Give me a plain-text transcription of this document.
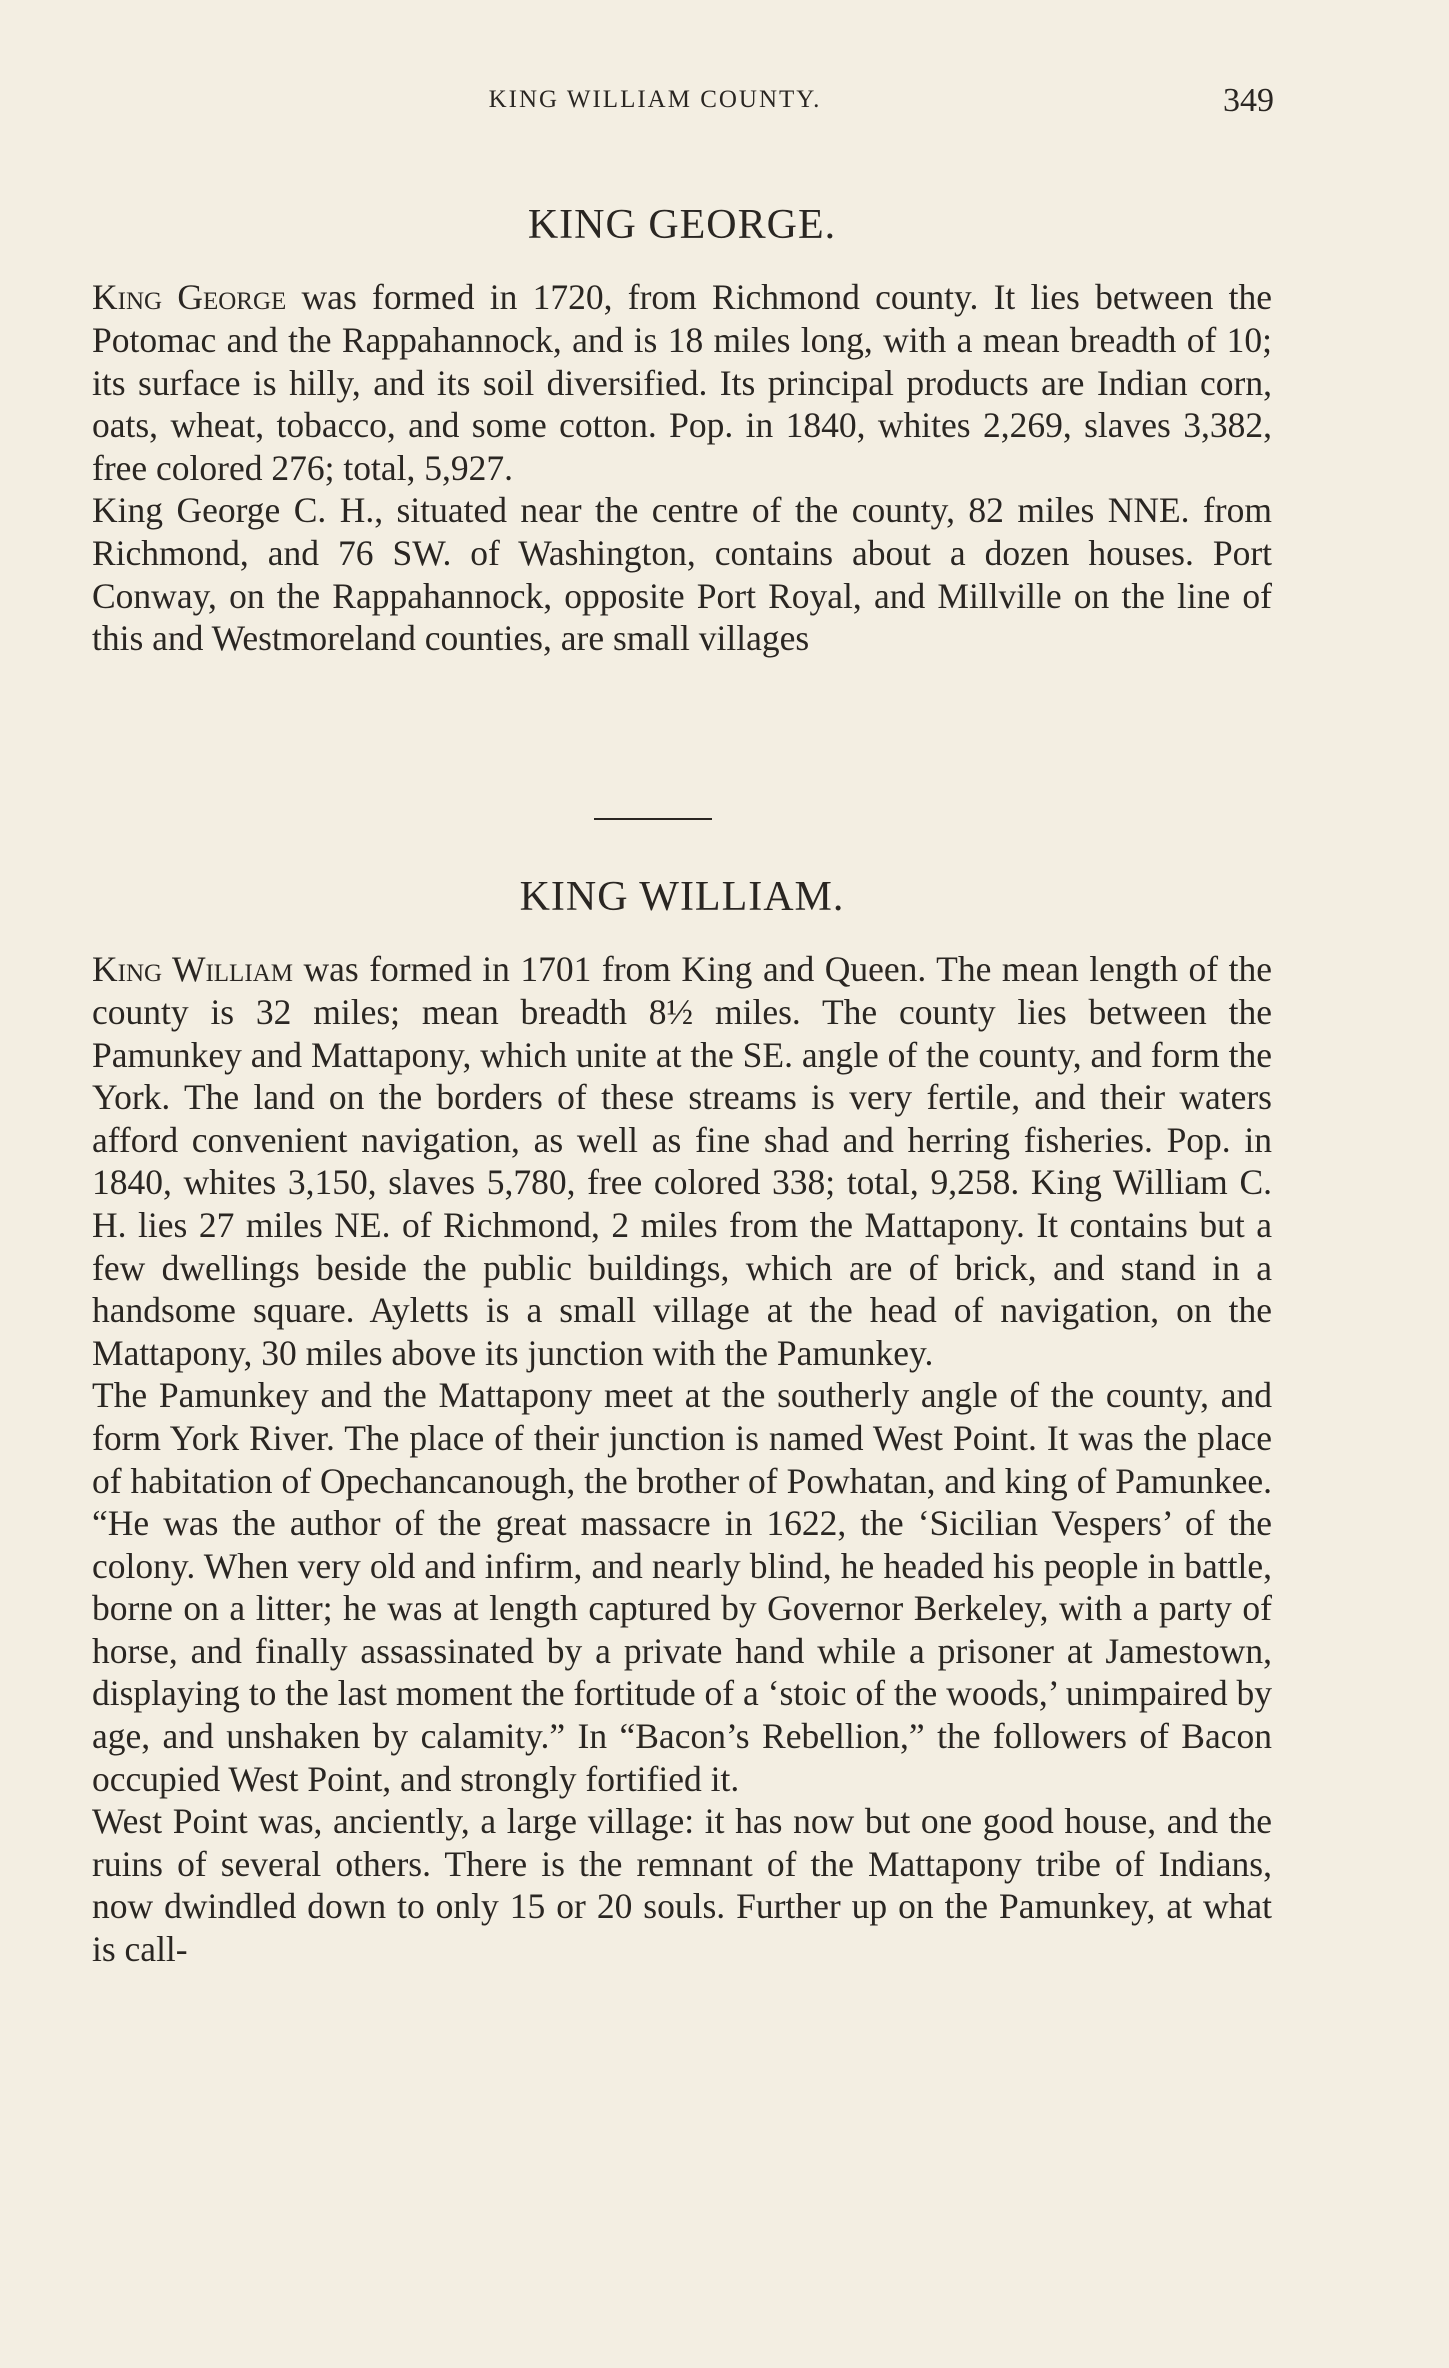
KING WILLIAM COUNTY.	349
KING GEORGE.

King George was formed in 1720, from Richmond county. It lies between the Potomac and the Rappahannock, and is 18 miles long, with a mean breadth of 10; its surface is hilly, and its soil diversified. Its principal products are Indian corn, oats, wheat, tobacco, and some cotton. Pop. in 1840, whites 2,269, slaves 3,382, free colored 276; total, 5,927.

King George C. H., situated near the centre of the county, 82 miles NNE. from Richmond, and 76 SW. of Washington, contains about a dozen houses. Port Conway, on the Rappahannock, opposite Port Royal, and Millville on the line of this and Westmoreland counties, are small villages

KING WILLIAM.

King William was formed in 1701 from King and Queen. The mean length of the county is 32 miles; mean breadth 8½ miles. The county lies between the Pamunkey and Mattapony, which unite at the SE. angle of the county, and form the York. The land on the borders of these streams is very fertile, and their waters afford convenient navigation, as well as fine shad and herring fisheries. Pop. in 1840, whites 3,150, slaves 5,780, free colored 338; total, 9,258. King William C. H. lies 27 miles NE. of Richmond, 2 miles from the Mattapony. It contains but a few dwellings beside the public buildings, which are of brick, and stand in a handsome square. Ayletts is a small village at the head of navigation, on the Mattapony, 30 miles above its junction with the Pamunkey.

The Pamunkey and the Mattapony meet at the southerly angle of the county, and form York River. The place of their junction is named West Point. It was the place of habitation of Opechancanough, the brother of Powhatan, and king of Pamunkee. “He was the author of the great massacre in 1622, the ‘Sicilian Vespers’ of the colony. When very old and infirm, and nearly blind, he headed his people in battle, borne on a litter; he was at length captured by Governor Berkeley, with a party of horse, and finally assassinated by a private hand while a prisoner at Jamestown, displaying to the last moment the fortitude of a ‘stoic of the woods,’ unimpaired by age, and unshaken by calamity.” In “Bacon’s Rebellion,” the followers of Bacon occupied West Point, and strongly fortified it.

West Point was, anciently, a large village: it has now but one good house, and the ruins of several others. There is the remnant of the Mattapony tribe of Indians, now dwindled down to only 15 or 20 souls. Further up on the Pamunkey, at what is call-
